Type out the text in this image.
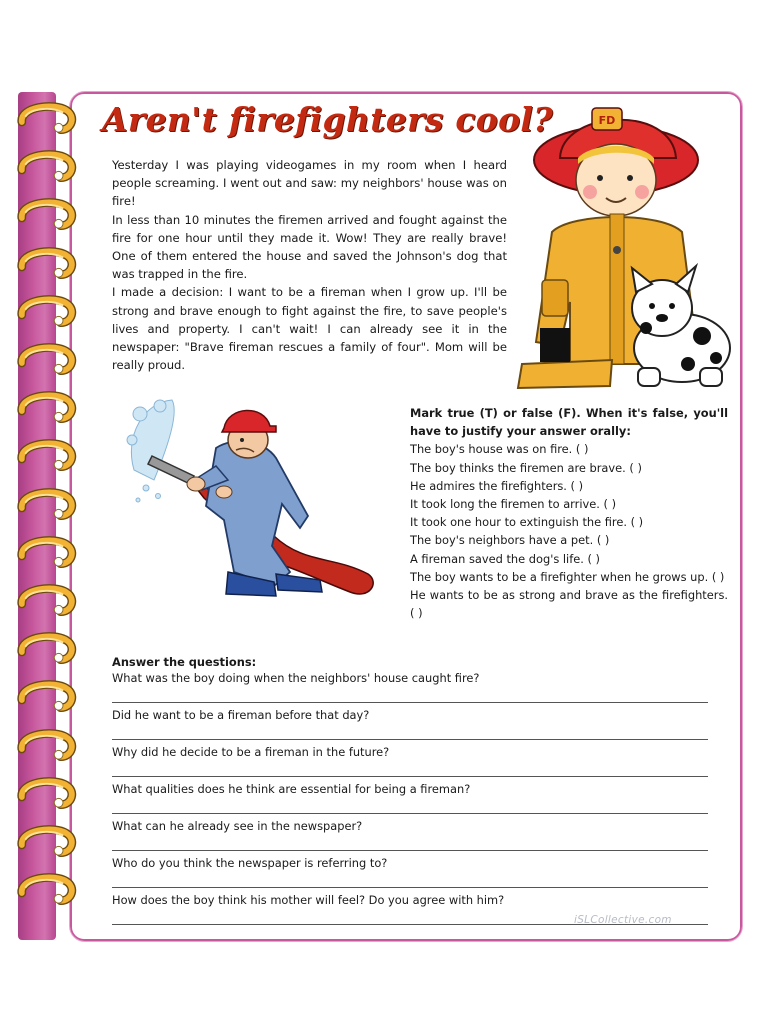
Aren't firefighters cool?

Yesterday I was playing videogames in my room when I heard people screaming. I went out and saw: my neighbors' house was on fire!

In less than 10 minutes the firemen arrived and fought against the fire for one hour until they made it. Wow! They are really brave! One of them entered the house and saved the Johnson's dog that was trapped in the fire.

I made a decision: I want to be a fireman when I grow up. I'll be strong and brave enough to fight against the fire, to save people's lives and property. I can't wait! I can already see it in the newspaper: "Brave fireman rescues a family of four". Mom will be really proud.

FD

Mark true (T) or false (F). When it's false, you'll have to justify your answer orally:

The boy's house was on fire. ( )
The boy thinks the firemen are brave. ( )
He admires the firefighters. ( )
It took long the firemen to arrive. ( )
It took one hour to extinguish the fire. ( )
The boy's neighbors have a pet. ( )
A fireman saved the dog's life. ( )
The boy wants to be a firefighter when he grows up. ( )
He wants to be as strong and brave as the firefighters. ( )

Answer the questions:

What was the boy doing when the neighbors' house caught fire?
Did he want to be a fireman before that day?
Why did he decide to be a fireman in the future?
What qualities does he think are essential for being a fireman?
What can he already see in the newspaper?
Who do you think the newspaper is referring to?
How does the boy think his mother will feel? Do you agree with him?
iSLCollective.com
